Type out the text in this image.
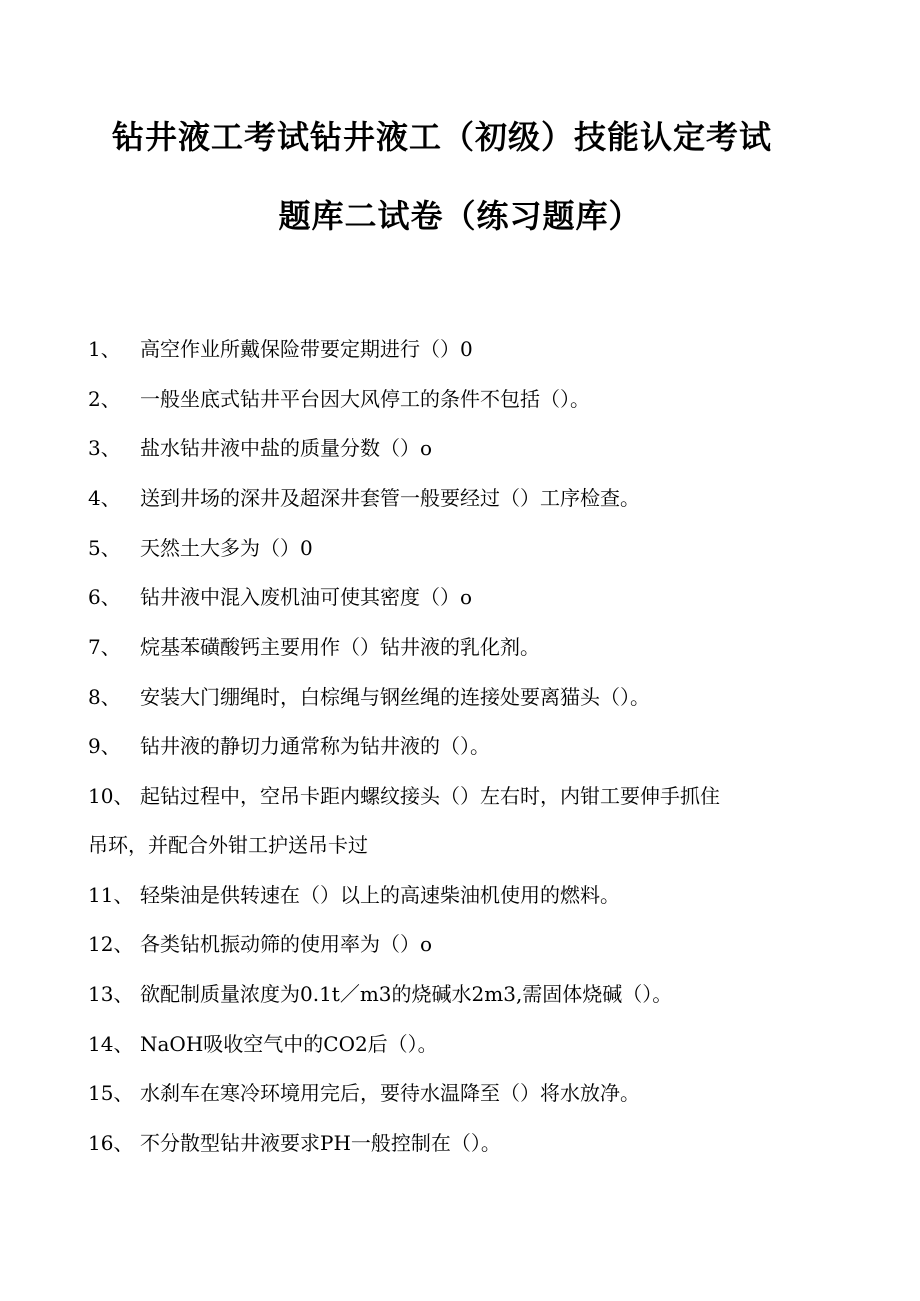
钻井液工考试钻井液工（初级）技能认定考试
题库二试卷（练习题库）
1、 高空作业所戴保险带要定期进行（）0
2、 一般坐底式钻井平台因大风停工的条件不包括（）。
3、 盐水钻井液中盐的质量分数（）o
4、 送到井场的深井及超深井套管一般要经过（）工序检查。
5、 天然土大多为（）0
6、 钻井液中混入废机油可使其密度（）o
7、 烷基苯磺酸钙主要用作（）钻井液的乳化剂。
8、 安装大门绷绳时，白棕绳与钢丝绳的连接处要离猫头（）。
9、 钻井液的静切力通常称为钻井液的（）。
10、 起钻过程中，空吊卡距内螺纹接头（）左右时，内钳工要伸手抓住
吊环，并配合外钳工护送吊卡过
11、 轻柴油是供转速在（）以上的高速柴油机使用的燃料。
12、 各类钻机振动筛的使用率为（）o
13、 欲配制质量浓度为0.1t／m3的烧碱水2m3,需固体烧碱（）。
14、 NaOH吸收空气中的CO2后（）。
15、 水刹车在寒冷环境用完后，要待水温降至（）将水放净。
16、 不分散型钻井液要求PH一般控制在（）。
